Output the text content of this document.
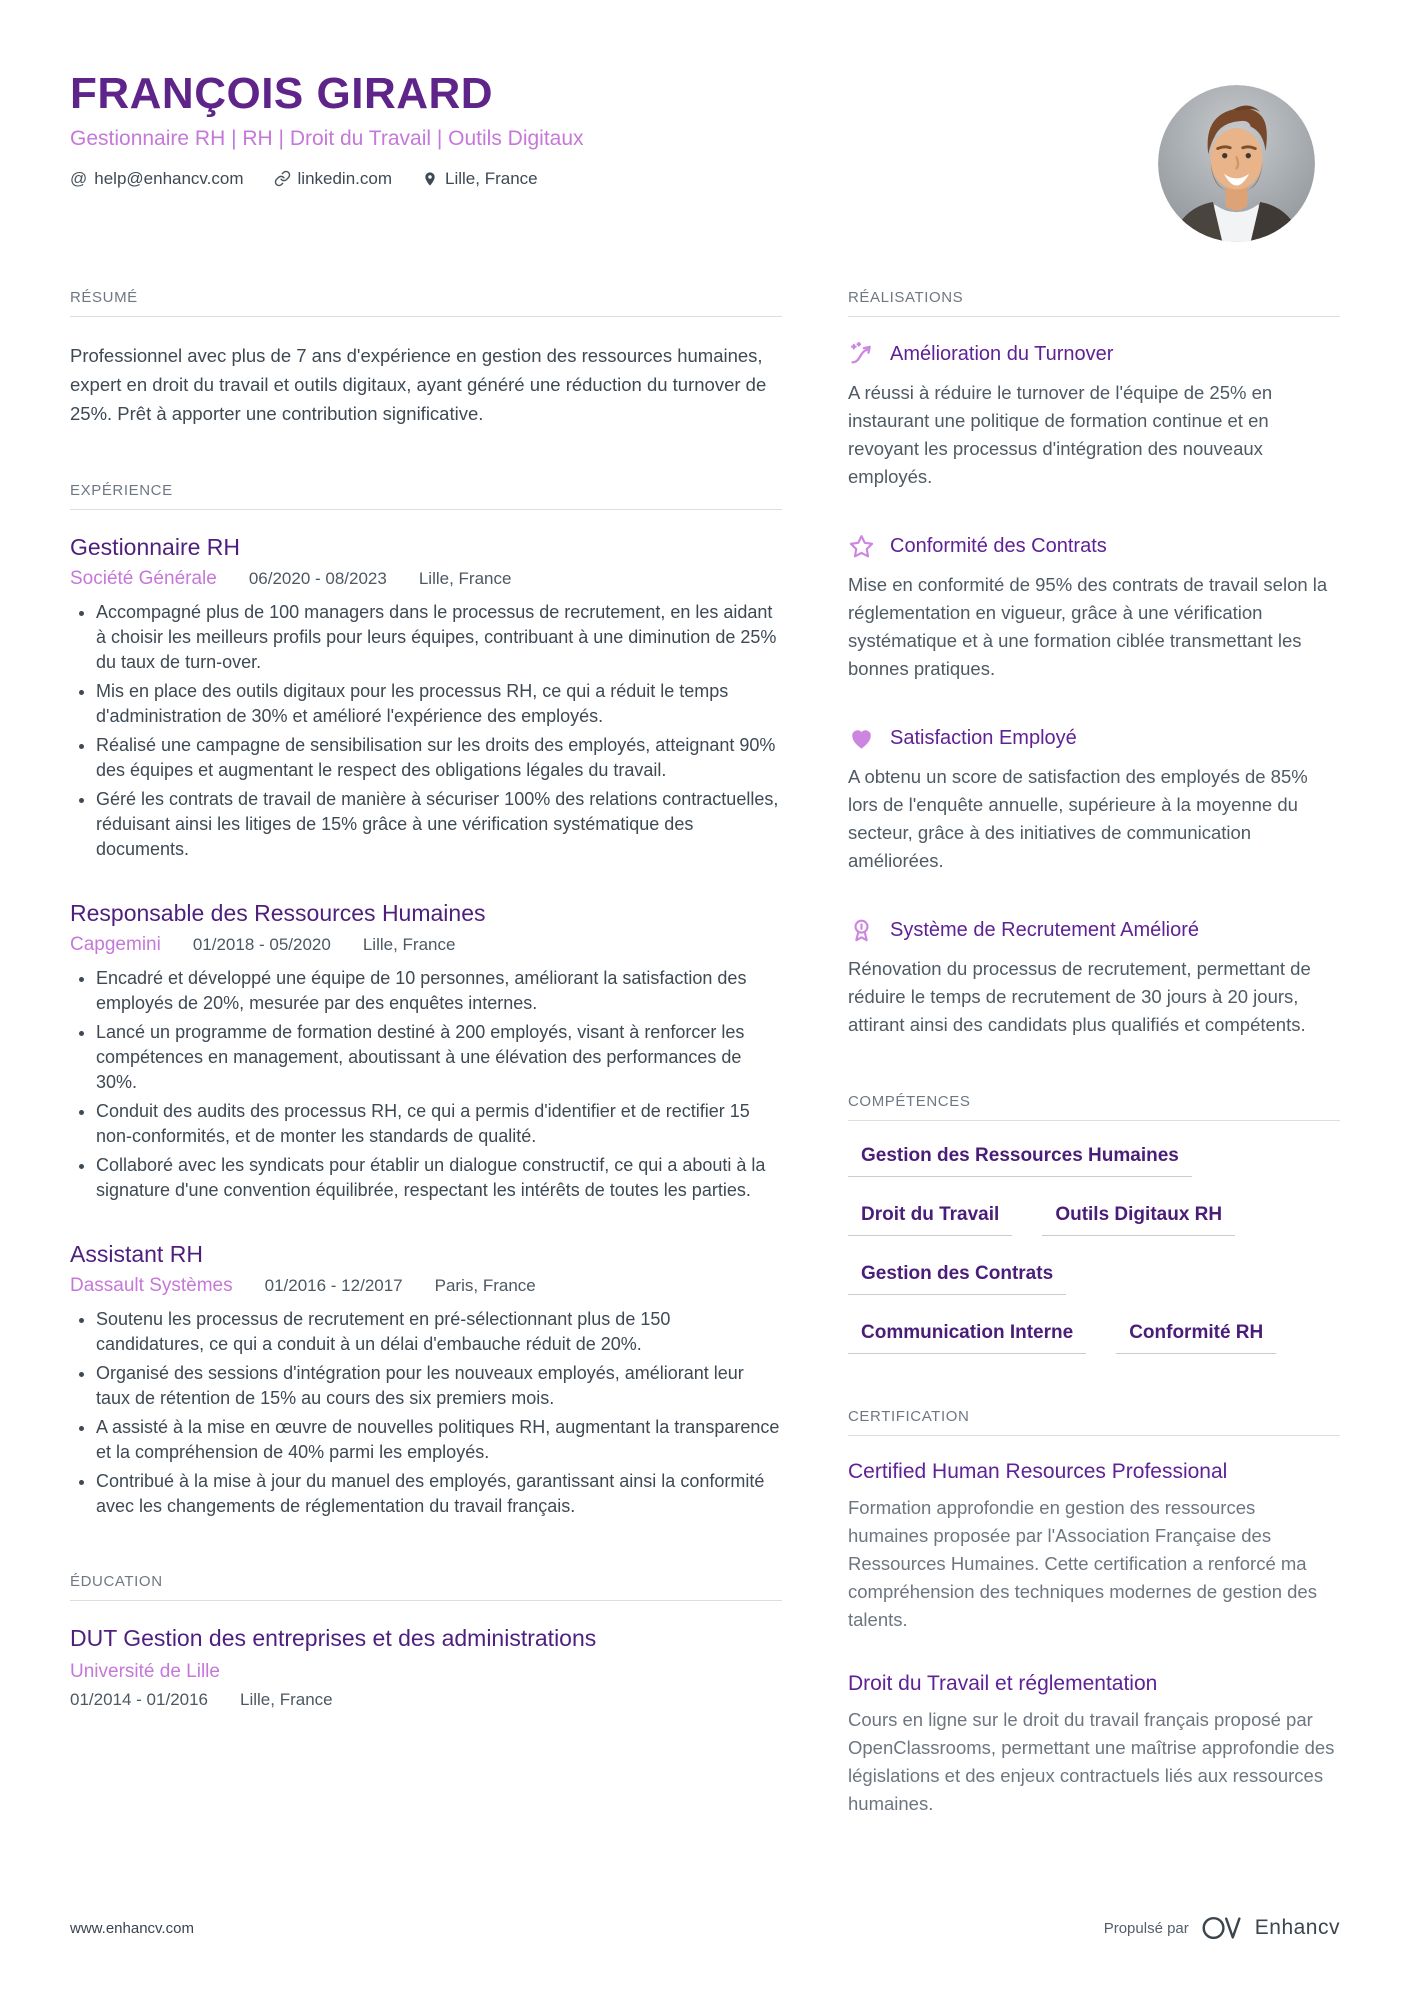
FRANÇOIS GIRARD
Gestionnaire RH | RH | Droit du Travail | Outils Digitaux
@ help@enhancv.com	linkedin.com	Lille, France
RÉSUMÉ

Professionnel avec plus de 7 ans d'expérience en gestion des ressources humaines, expert en droit du travail et outils digitaux, ayant généré une réduction du turnover de 25%. Prêt à apporter une contribution significative.

EXPÉRIENCE
Gestionnaire RH
Société Générale 06/2020 - 08/2023 Lille, France
• Accompagné plus de 100 managers dans le processus de recrutement, en les aidant à choisir les meilleurs profils pour leurs équipes, contribuant à une diminution de 25% du taux de turn-over.
• Mis en place des outils digitaux pour les processus RH, ce qui a réduit le temps d'administration de 30% et amélioré l'expérience des employés.
• Réalisé une campagne de sensibilisation sur les droits des employés, atteignant 90% des équipes et augmentant le respect des obligations légales du travail.
• Géré les contrats de travail de manière à sécuriser 100% des relations contractuelles, réduisant ainsi les litiges de 15% grâce à une vérification systématique des documents.
Responsable des Ressources Humaines
Capgemini 01/2018 - 05/2020 Lille, France
• Encadré et développé une équipe de 10 personnes, améliorant la satisfaction des employés de 20%, mesurée par des enquêtes internes.
• Lancé un programme de formation destiné à 200 employés, visant à renforcer les compétences en management, aboutissant à une élévation des performances de 30%.
• Conduit des audits des processus RH, ce qui a permis d'identifier et de rectifier 15 non-conformités, et de monter les standards de qualité.
• Collaboré avec les syndicats pour établir un dialogue constructif, ce qui a abouti à la signature d'une convention équilibrée, respectant les intérêts de toutes les parties.
Assistant RH
Dassault Systèmes 01/2016 - 12/2017 Paris, France
• Soutenu les processus de recrutement en pré-sélectionnant plus de 150 candidatures, ce qui a conduit à un délai d'embauche réduit de 20%.
• Organisé des sessions d'intégration pour les nouveaux employés, améliorant leur taux de rétention de 15% au cours des six premiers mois.
• A assisté à la mise en œuvre de nouvelles politiques RH, augmentant la transparence et la compréhension de 40% parmi les employés.
• Contribué à la mise à jour du manuel des employés, garantissant ainsi la conformité avec les changements de réglementation du travail français.
ÉDUCATION
DUT Gestion des entreprises et des administrations
Université de Lille
01/2014 - 01/2016 Lille, France
RÉALISATIONS
Amélioration du Turnover

A réussi à réduire le turnover de l'équipe de 25% en instaurant une politique de formation continue et en revoyant les processus d'intégration des nouveaux employés.

Conformité des Contrats

Mise en conformité de 95% des contrats de travail selon la réglementation en vigueur, grâce à une vérification systématique et à une formation ciblée transmettant les bonnes pratiques.

Satisfaction Employé

A obtenu un score de satisfaction des employés de 85% lors de l'enquête annuelle, supérieure à la moyenne du secteur, grâce à des initiatives de communication améliorées.

Système de Recrutement Amélioré

Rénovation du processus de recrutement, permettant de réduire le temps de recrutement de 30 jours à 20 jours, attirant ainsi des candidats plus qualifiés et compétents.

COMPÉTENCES
Gestion des Ressources Humaines
Droit du Travail	Outils Digitaux RH
Gestion des Contrats
Communication Interne	Conformité RH
CERTIFICATION
Certified Human Resources Professional

Formation approfondie en gestion des ressources humaines proposée par l'Association Française des Ressources Humaines. Cette certification a renforcé ma compréhension des techniques modernes de gestion des talents.

Droit du Travail et réglementation

Cours en ligne sur le droit du travail français proposé par OpenClassrooms, permettant une maîtrise approfondie des législations et des enjeux contractuels liés aux ressources humaines.

www.enhancv.com	Propulsé par	Enhancv
